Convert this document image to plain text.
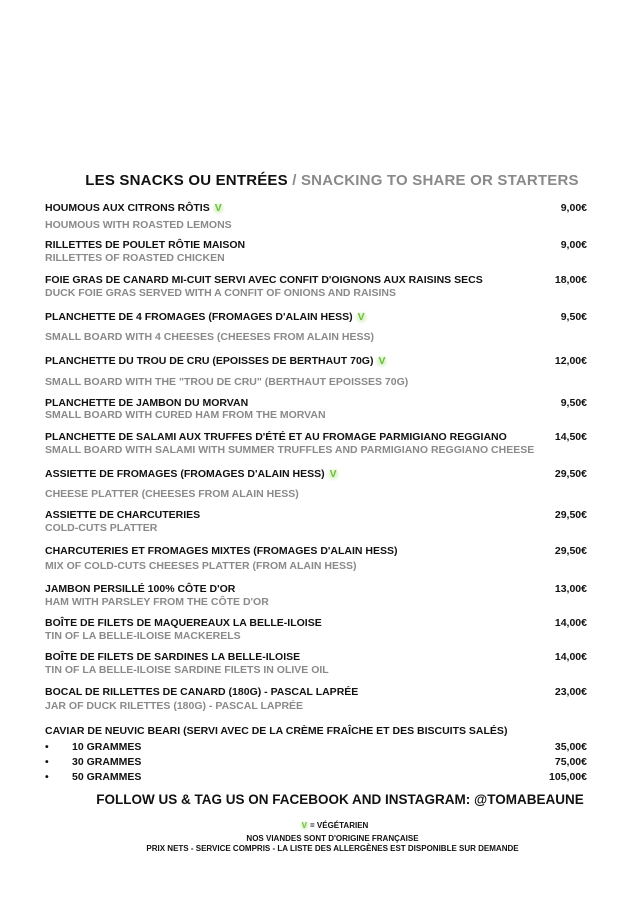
LES SNACKS OU ENTRÉES / SNACKING TO SHARE OR STARTERS
HOUMOUS AUX CITRONS RÔTIS V	9,00€
HOUMOUS WITH ROASTED LEMONS
RILLETTES DE POULET RÔTIE MAISON	9,00€
RILLETTES OF ROASTED CHICKEN
FOIE GRAS DE CANARD MI-CUIT SERVI AVEC CONFIT D'OIGNONS AUX RAISINS SECS	18,00€
DUCK FOIE GRAS SERVED WITH A CONFIT OF ONIONS AND RAISINS
PLANCHETTE DE 4 FROMAGES (FROMAGES D'ALAIN HESS) V	9,50€
SMALL BOARD WITH 4 CHEESES (CHEESES FROM ALAIN HESS)
PLANCHETTE DU TROU DE CRU (EPOISSES DE BERTHAUT 70G) V	12,00€
SMALL BOARD WITH THE "TROU DE CRU" (BERTHAUT EPOISSES 70G)
PLANCHETTE DE JAMBON DU MORVAN	9,50€
SMALL BOARD WITH CURED HAM FROM THE MORVAN
PLANCHETTE DE SALAMI AUX TRUFFES D'ÉTÉ ET AU FROMAGE PARMIGIANO REGGIANO	14,50€
SMALL BOARD WITH SALAMI WITH SUMMER TRUFFLES AND PARMIGIANO REGGIANO CHEESE
ASSIETTE DE FROMAGES (FROMAGES D'ALAIN HESS) V	29,50€
CHEESE PLATTER (CHEESES FROM ALAIN HESS)
ASSIETTE DE CHARCUTERIES	29,50€
COLD-CUTS PLATTER
CHARCUTERIES ET FROMAGES MIXTES (FROMAGES D'ALAIN HESS)	29,50€
MIX OF COLD-CUTS CHEESES PLATTER (FROM ALAIN HESS)
JAMBON PERSILLÉ 100% CÔTE D'OR	13,00€
HAM WITH PARSLEY FROM THE CÔTE D'OR
BOÎTE DE FILETS DE MAQUEREAUX LA BELLE-ILOISE	14,00€
TIN OF LA BELLE-ILOISE MACKERELS
BOÎTE DE FILETS DE SARDINES LA BELLE-ILOISE	14,00€
TIN OF LA BELLE-ILOISE SARDINE FILETS IN OLIVE OIL
BOCAL DE RILLETTES DE CANARD (180G) - PASCAL LAPRÉE	23,00€
JAR OF DUCK RILETTES (180G) - PASCAL LAPRÉE
CAVIAR DE NEUVIC BEARI (SERVI AVEC DE LA CRÈME FRAÎCHE ET DES BISCUITS SALÉS)
• 10 GRAMMES	35,00€
• 30 GRAMMES	75,00€
• 50 GRAMMES	105,00€
FOLLOW US & TAG US ON FACEBOOK AND INSTAGRAM: @TOMABEAUNE
V = VÉGÉTARIEN
NOS VIANDES SONT D'ORIGINE FRANÇAISE
PRIX NETS - SERVICE COMPRIS - LA LISTE DES ALLERGÈNES EST DISPONIBLE SUR DEMANDE
